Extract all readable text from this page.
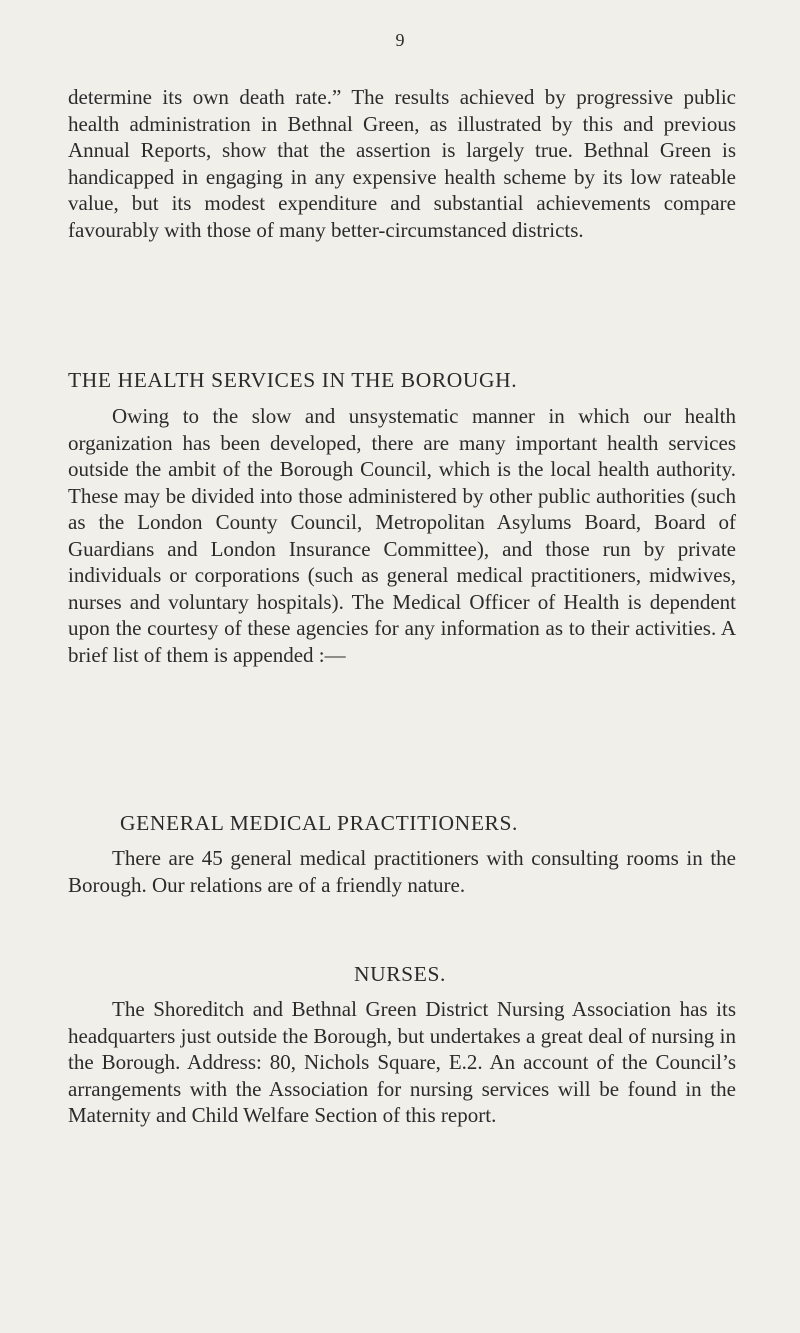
9

determine its own death rate.” The results achieved by progressive public health administration in Bethnal Green, as illustrated by this and previous Annual Reports, show that the assertion is largely true. Bethnal Green is handicapped in engaging in any expensive health scheme by its low rateable value, but its modest expenditure and substantial achievements compare favourably with those of many better-circumstanced districts.

THE HEALTH SERVICES IN THE BOROUGH.

Owing to the slow and unsystematic manner in which our health organization has been developed, there are many important health services outside the ambit of the Borough Council, which is the local health authority. These may be divided into those administered by other public authorities (such as the London County Council, Metropolitan Asylums Board, Board of Guardians and London Insurance Committee), and those run by private individuals or corporations (such as general medical practitioners, midwives, nurses and voluntary hospitals). The Medical Officer of Health is dependent upon the courtesy of these agencies for any information as to their activities. A brief list of them is appended :—

GENERAL MEDICAL PRACTITIONERS.

There are 45 general medical practitioners with consulting rooms in the Borough. Our relations are of a friendly nature.

NURSES.

The Shoreditch and Bethnal Green District Nursing Association has its headquarters just outside the Borough, but undertakes a great deal of nursing in the Borough. Address: 80, Nichols Square, E.2. An account of the Council’s arrangements with the Association for nursing services will be found in the Maternity and Child Welfare Section of this report.
